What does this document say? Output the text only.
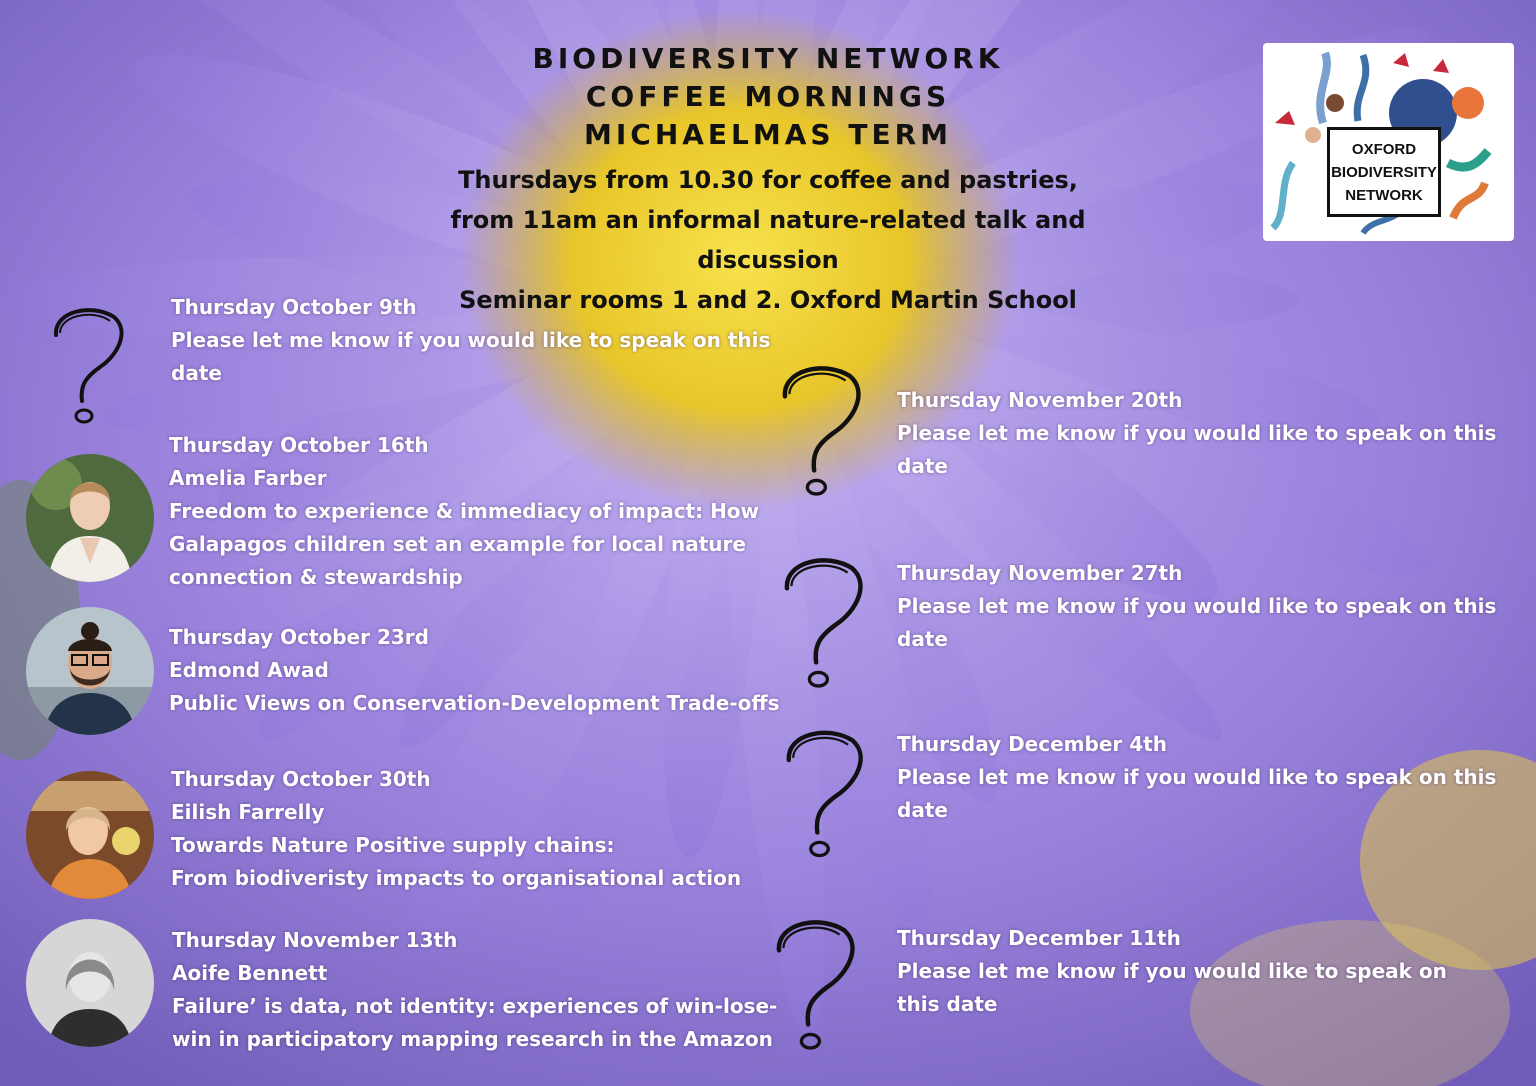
BIODIVERSITY NETWORK
COFFEE MORNINGS
MICHAELMAS TERM
Thursdays from 10.30 for coffee and pastries,
from 11am an informal nature-related talk and discussion
Seminar rooms 1 and 2. Oxford Martin School
OXFORD
BIODIVERSITY
NETWORK
Thursday October 9th
Please let me know if you would like to speak on this
date
Thursday October 16th
Amelia Farber
Freedom to experience & immediacy of impact: How
Galapagos children set an example for local nature
connection & stewardship
Thursday October 23rd
Edmond Awad
Public Views on Conservation-Development Trade-offs
Thursday October 30th
Eilish Farrelly
Towards Nature Positive supply chains:
From biodiveristy impacts to organisational action
Thursday November 13th
Aoife Bennett
Failure’ is data, not identity: experiences of win-lose-
win in participatory mapping research in the Amazon
Thursday November 20th
Please let me know if you would like to speak on this
date
Thursday November 27th
Please let me know if you would like to speak on this
date
Thursday December 4th
Please let me know if you would like to speak on this
date
Thursday December 11th
Please let me know if you would like to speak on
this date
